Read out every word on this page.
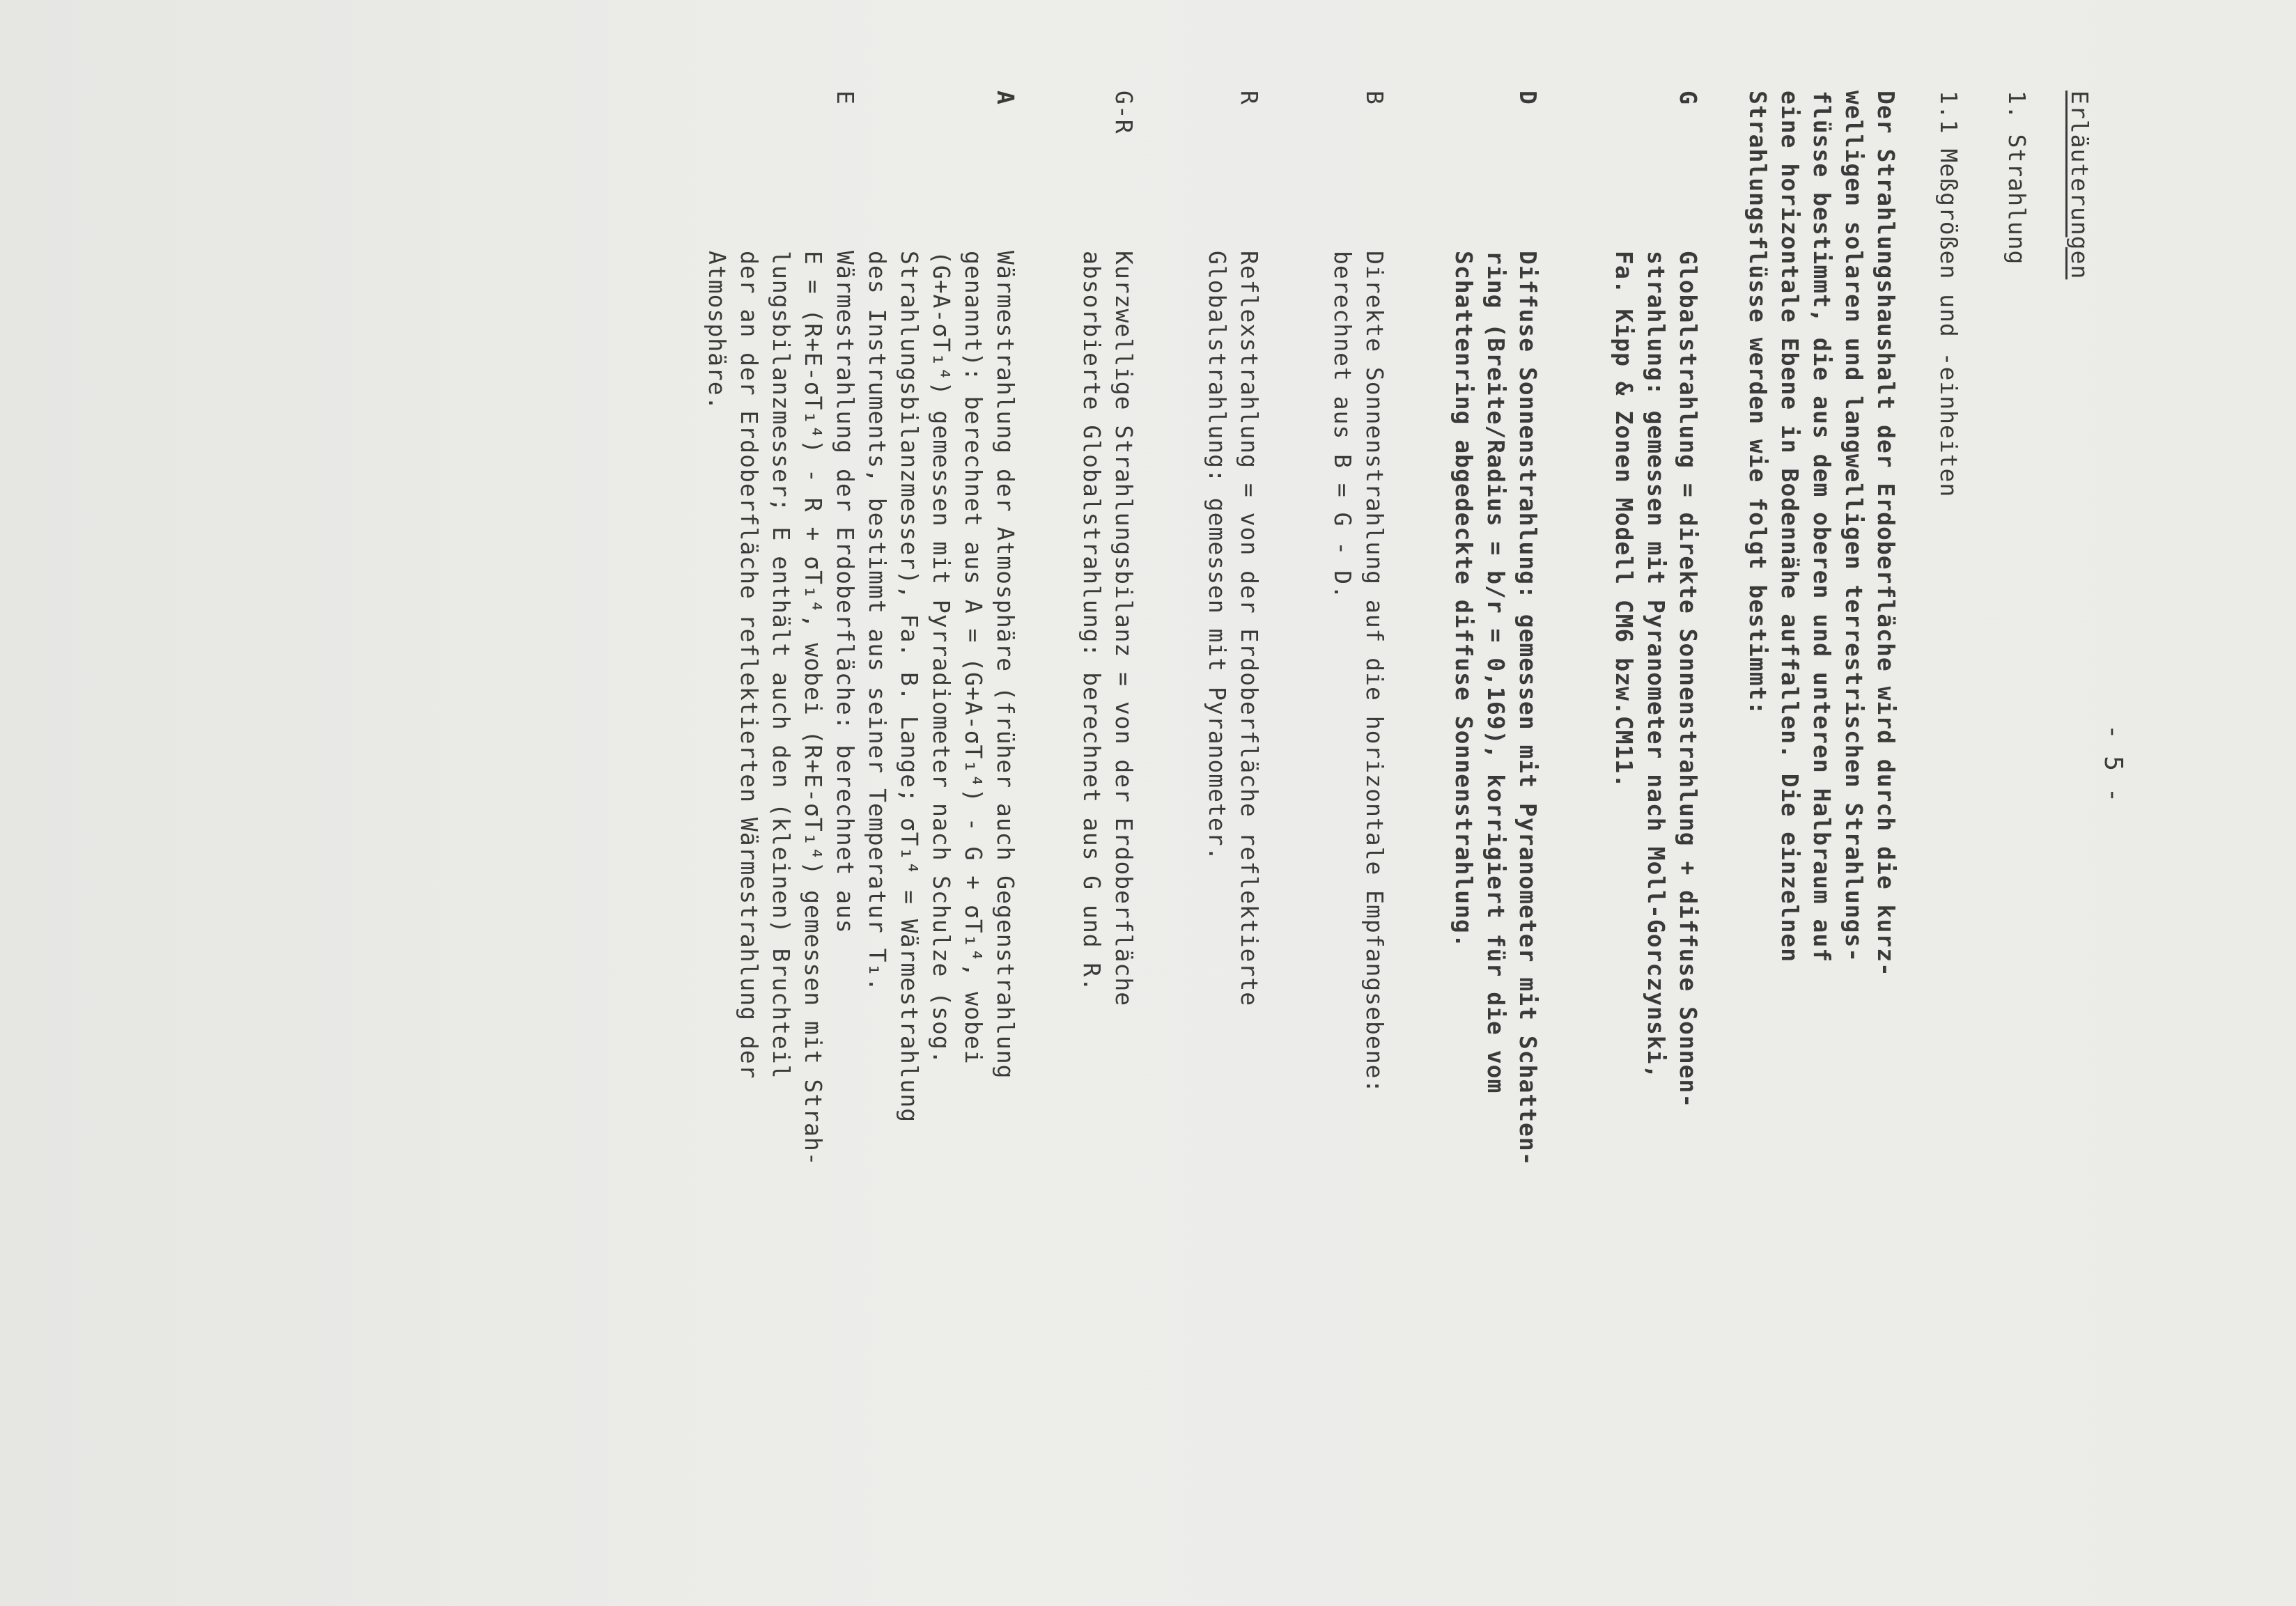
- 5 -
Erläuterungen
1. Strahlung
1.1 Meßgrößen und -einheiten
Der Strahlungshaushalt der Erdoberfläche wird durch die kurz-
welligen solaren und langwelligen terrestrischen Strahlungs-
flüsse bestimmt, die aus dem oberen und unteren Halbraum auf
eine horizontale Ebene in Bodennähe auffallen. Die einzelnen
Strahlungsflüsse werden wie folgt bestimmt:
G
Globalstrahlung = direkte Sonnenstrahlung + diffuse Sonnen-
strahlung: gemessen mit Pyranometer nach Moll-Gorczynski,
Fa. Kipp & Zonen Modell CM6 bzw.CM11.
D
Diffuse Sonnenstrahlung: gemessen mit Pyranometer mit Schatten-
ring (Breite/Radius = b/r = 0,169), korrigiert für die vom
Schattenring abgedeckte diffuse Sonnenstrahlung.
B
Direkte Sonnenstrahlung auf die horizontale Empfangsebene:
berechnet aus B = G - D.
R
Reflexstrahlung = von der Erdoberfläche reflektierte
Globalstrahlung: gemessen mit Pyranometer.
G-R
Kurzwellige Strahlungsbilanz = von der Erdoberfläche
absorbierte Globalstrahlung: berechnet aus G und R.
A
Wärmestrahlung der Atmosphäre (früher auch Gegenstrahlung
genannt): berechnet aus A = (G+A-σT₁⁴) - G + σT₁⁴, wobei
(G+A-σT₁⁴) gemessen mit Pyrradiometer nach Schulze (sog.
Strahlungsbilanzmesser), Fa. B. Lange; σT₁⁴ = Wärmestrahlung
des Instruments, bestimmt aus seiner Temperatur T₁.
E
Wärmestrahlung der Erdoberfläche: berechnet aus
E = (R+E-σT₁⁴) - R + σT₁⁴, wobei (R+E-σT₁⁴) gemessen mit Strah-
lungsbilanzmesser; E enthält auch den (kleinen) Bruchteil
der an der Erdoberfläche reflektierten Wärmestrahlung der
Atmosphäre.
